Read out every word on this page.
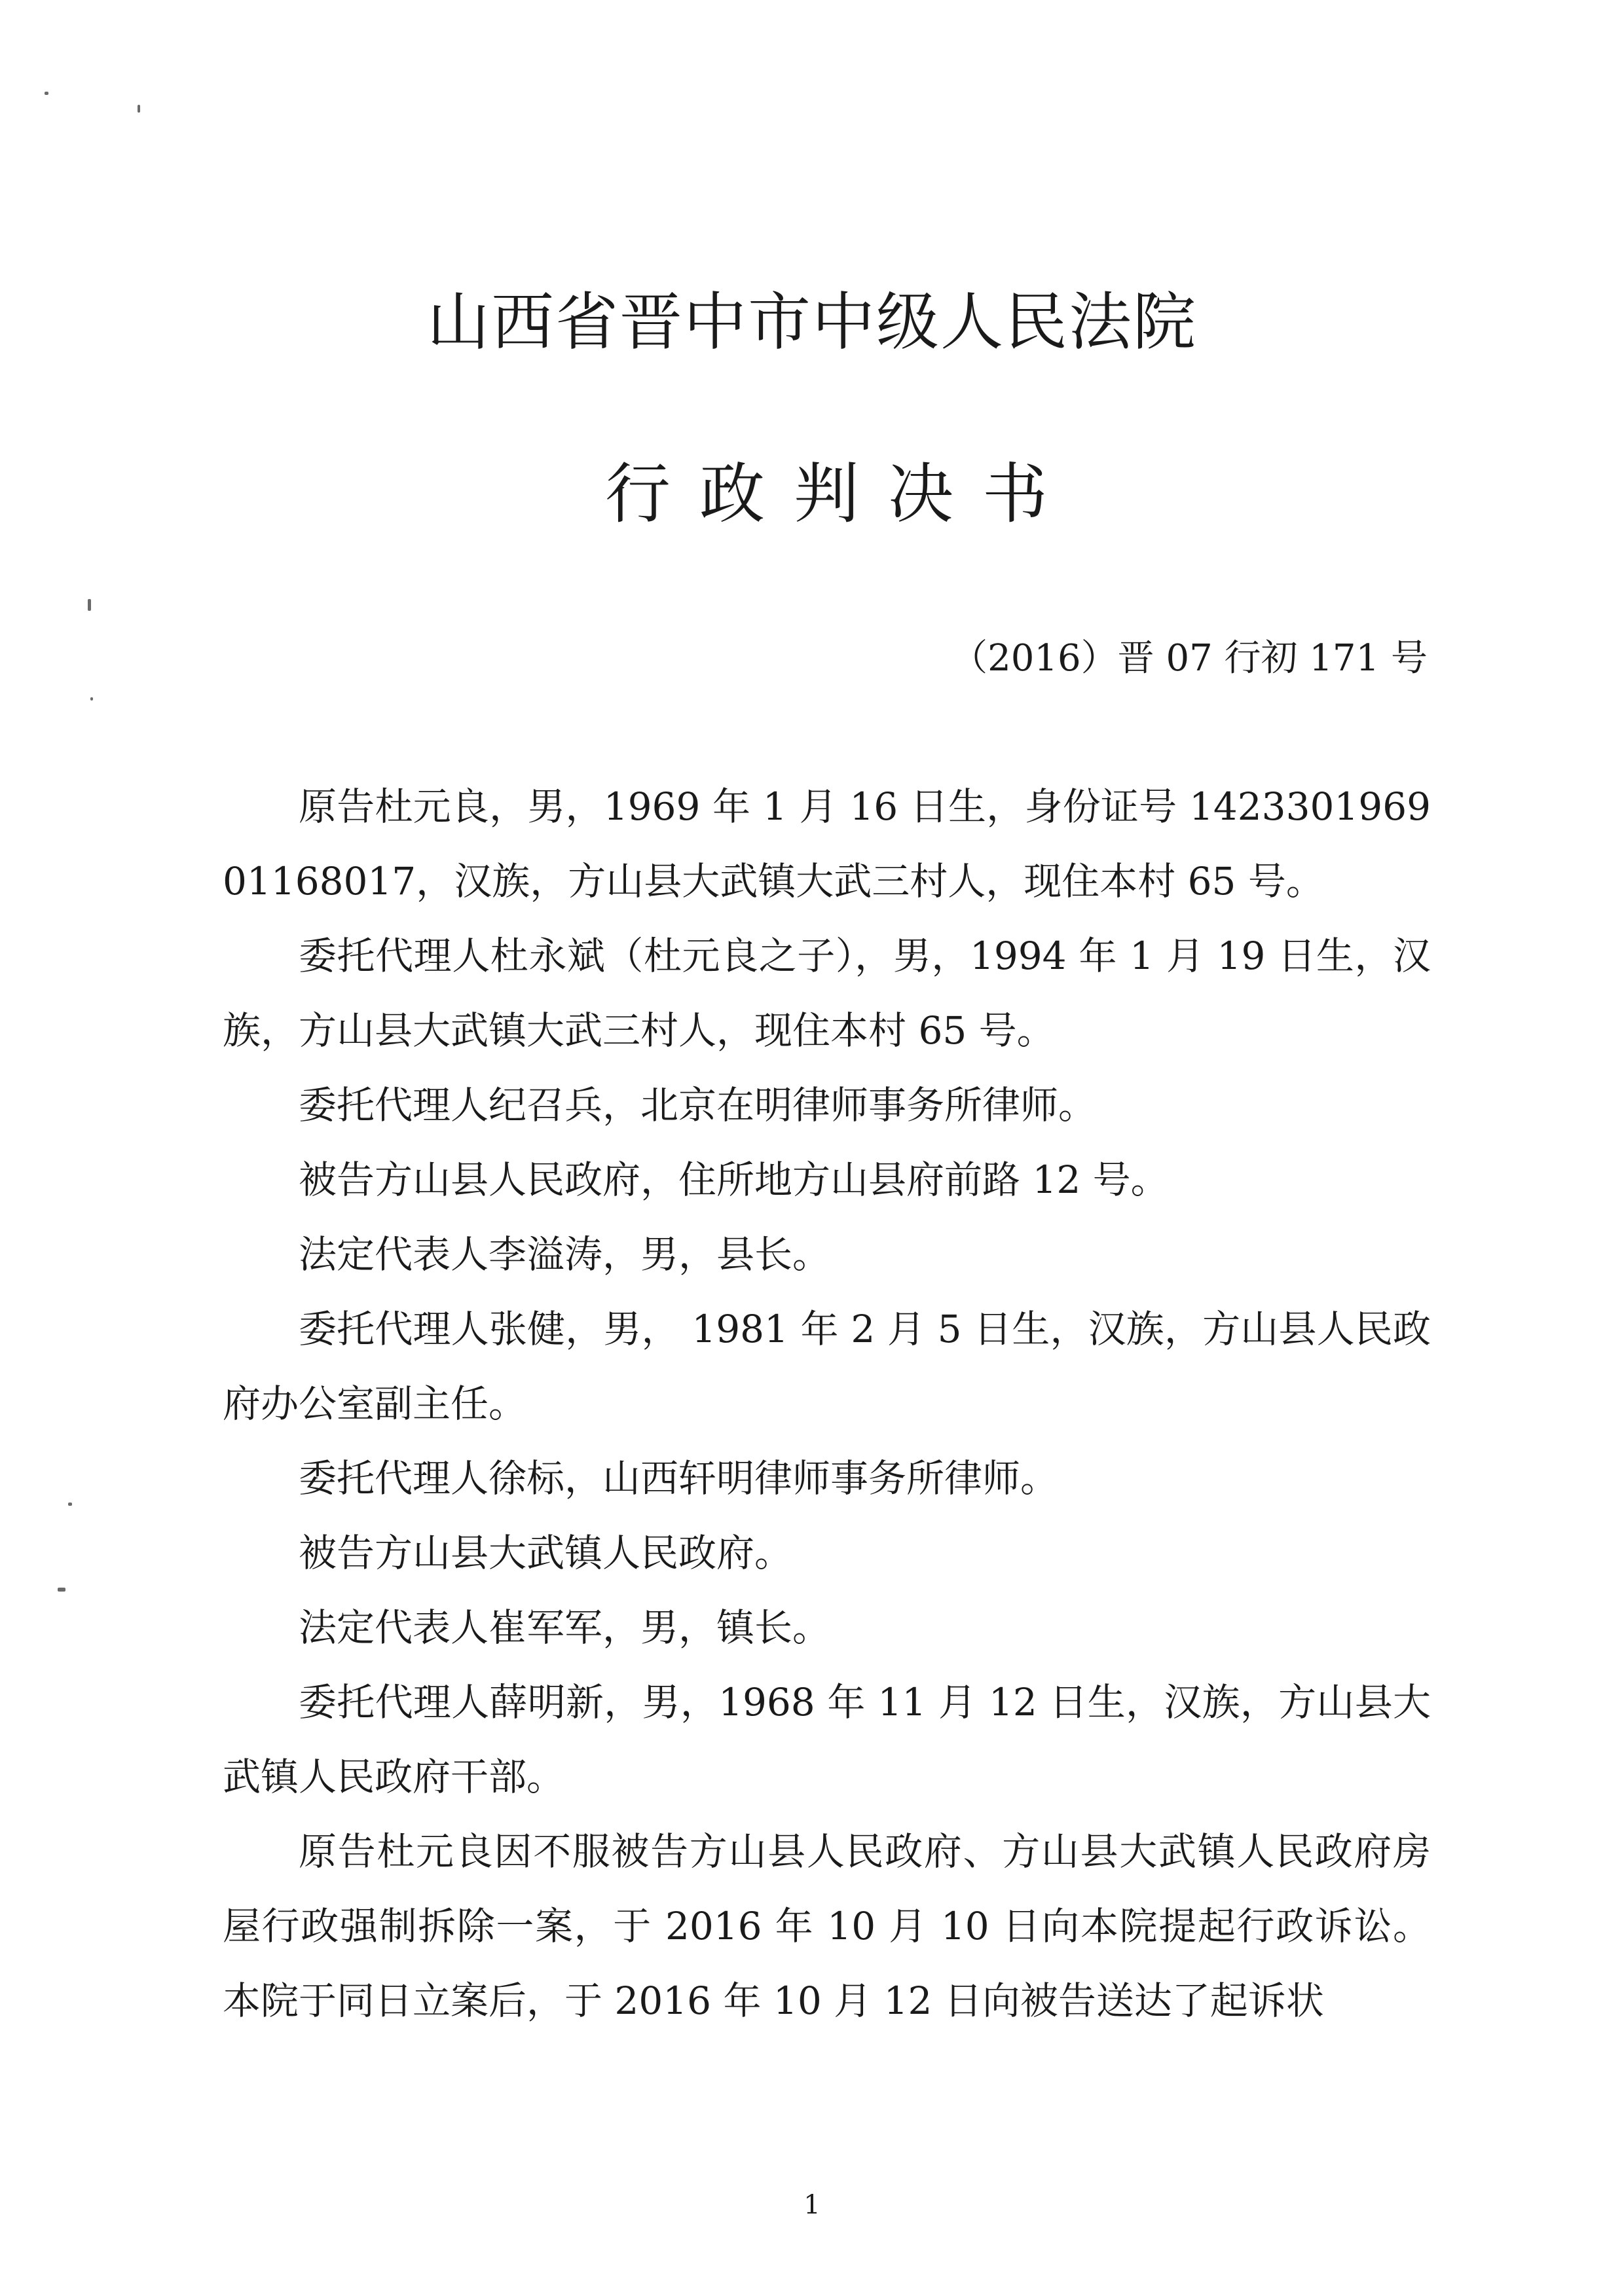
山西省晋中市中级人民法院
行政判决书
（2016）晋 07 行初 171 号

原告杜元良，男，1969 年 1 月 16 日生，身份证号 142330196901168017，汉族，方山县大武镇大武三村人，现住本村 65 号。

委托代理人杜永斌（杜元良之子），男，1994 年 1 月 19 日生，汉族，方山县大武镇大武三村人，现住本村 65 号。

委托代理人纪召兵，北京在明律师事务所律师。

被告方山县人民政府，住所地方山县府前路 12 号。

法定代表人李溢涛，男，县长。

委托代理人张健，男， 1981 年 2 月 5 日生，汉族，方山县人民政府办公室副主任。

委托代理人徐标，山西轩明律师事务所律师。

被告方山县大武镇人民政府。

法定代表人崔军军，男，镇长。

委托代理人薛明新，男，1968 年 11 月 12 日生，汉族，方山县大武镇人民政府干部。

原告杜元良因不服被告方山县人民政府、方山县大武镇人民政府房屋行政强制拆除一案，于 2016 年 10 月 10 日向本院提起行政诉讼。本院于同日立案后，于 2016 年 10 月 12 日向被告送达了起诉状

1
